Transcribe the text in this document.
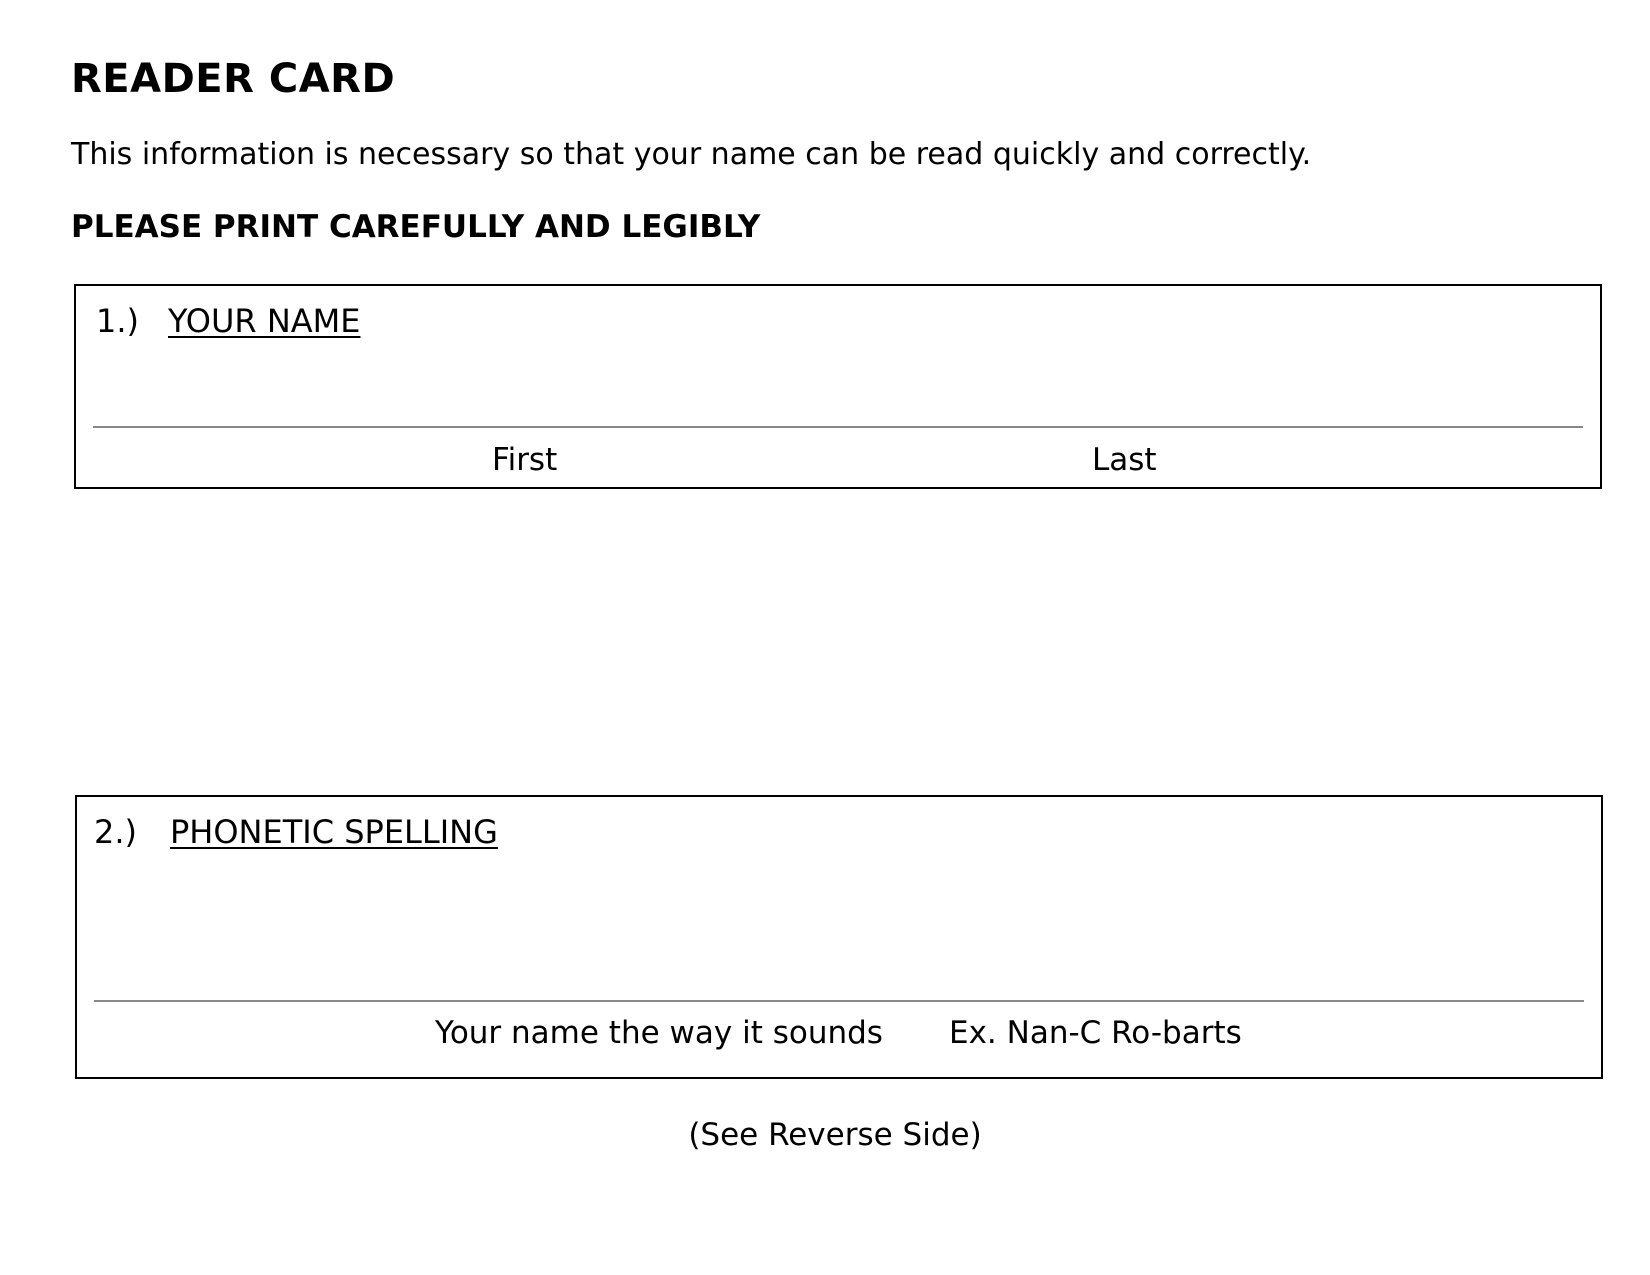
READER CARD

This information is necessary so that your name can be read quickly and correctly.

PLEASE PRINT CAREFULLY AND LEGIBLY

1.) YOUR NAME
First	Last
2.) PHONETIC SPELLING
Your name the way it sounds Ex. Nan-C Ro-barts

(See Reverse Side)
